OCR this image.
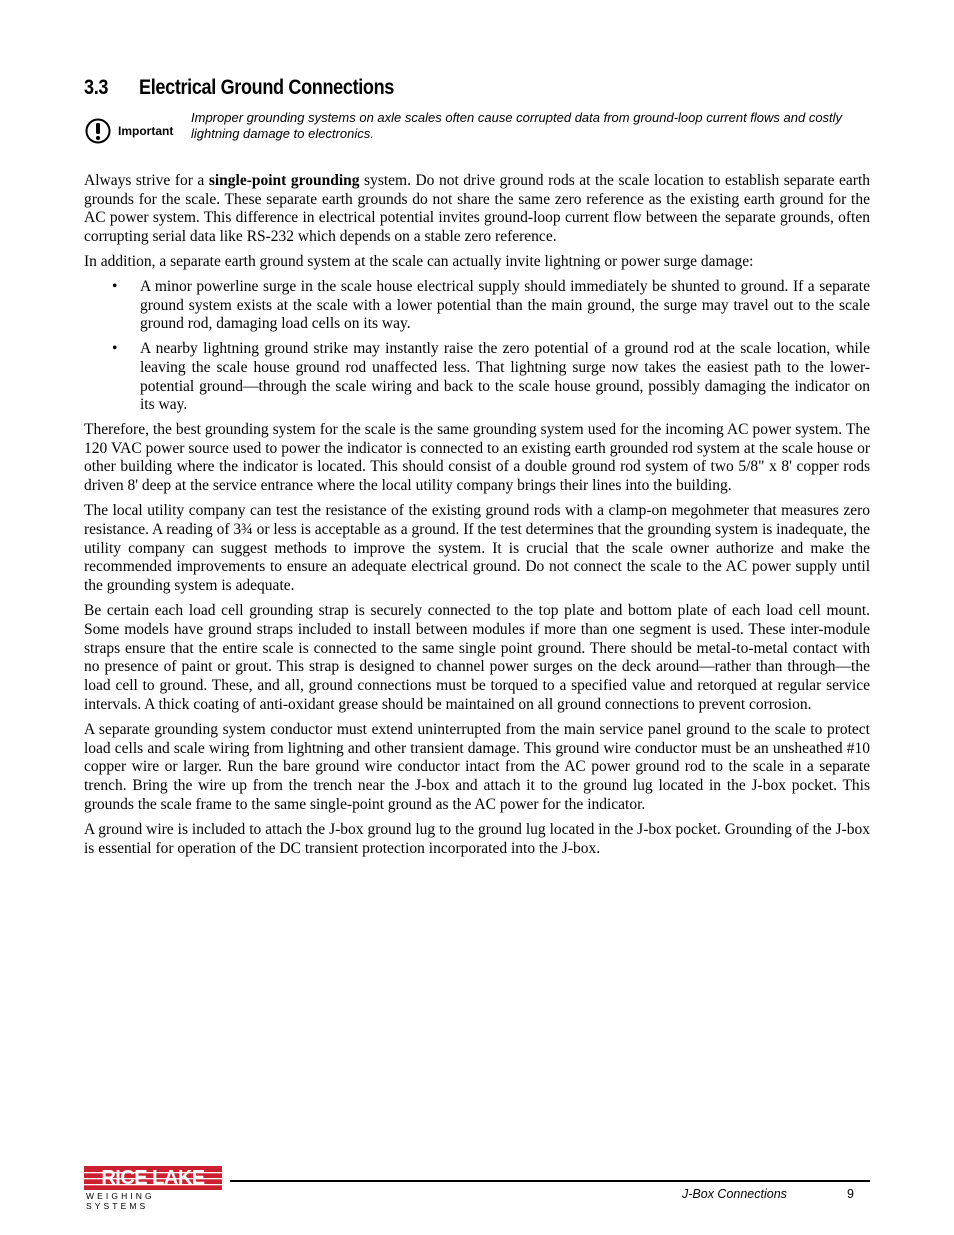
3.3 Electrical Ground Connections
Important
Improper grounding systems on axle scales often cause corrupted data from ground-loop current flows and costly lightning damage to electronics.

Always strive for a single-point grounding system. Do not drive ground rods at the scale location to establish separate earth grounds for the scale. These separate earth grounds do not share the same zero reference as the existing earth ground for the AC power system. This difference in electrical potential invites ground-loop current flow between the separate grounds, often corrupting serial data like RS-232 which depends on a stable zero reference.

In addition, a separate earth ground system at the scale can actually invite lightning or power surge damage:

• A minor powerline surge in the scale house electrical supply should immediately be shunted to ground. If a separate ground system exists at the scale with a lower potential than the main ground, the surge may travel out to the scale ground rod, damaging load cells on its way.
• A nearby lightning ground strike may instantly raise the zero potential of a ground rod at the scale location, while leaving the scale house ground rod unaffected less. That lightning surge now takes the easiest path to the lower-potential ground—through the scale wiring and back to the scale house ground, possibly damaging the indicator on its way.

Therefore, the best grounding system for the scale is the same grounding system used for the incoming AC power system. The 120 VAC power source used to power the indicator is connected to an existing earth grounded rod system at the scale house or other building where the indicator is located. This should consist of a double ground rod system of two 5/8" x 8' copper rods driven 8' deep at the service entrance where the local utility company brings their lines into the building.

The local utility company can test the resistance of the existing ground rods with a clamp-on megohmeter that measures zero resistance. A reading of 3¾ or less is acceptable as a ground. If the test determines that the grounding system is inadequate, the utility company can suggest methods to improve the system. It is crucial that the scale owner authorize and make the recommended improvements to ensure an adequate electrical ground. Do not connect the scale to the AC power supply until the grounding system is adequate.

Be certain each load cell grounding strap is securely connected to the top plate and bottom plate of each load cell mount. Some models have ground straps included to install between modules if more than one segment is used. These inter-module straps ensure that the entire scale is connected to the same single point ground. There should be metal-to-metal contact with no presence of paint or grout. This strap is designed to channel power surges on the deck around—rather than through—the load cell to ground. These, and all, ground connections must be torqued to a specified value and retorqued at regular service intervals. A thick coating of anti-oxidant grease should be maintained on all ground connections to prevent corrosion.

A separate grounding system conductor must extend uninterrupted from the main service panel ground to the scale to protect load cells and scale wiring from lightning and other transient damage. This ground wire conductor must be an unsheathed #10 copper wire or larger. Run the bare ground wire conductor intact from the AC power ground rod to the scale in a separate trench. Bring the wire up from the trench near the J-box and attach it to the ground lug located in the J-box pocket. This grounds the scale frame to the same single-point ground as the AC power for the indicator.

A ground wire is included to attach the J-box ground lug to the ground lug located in the J-box pocket. Grounding of the J-box is essential for operation of the DC transient protection incorporated into the J-box.

RICE LAKE
WEIGHING SYSTEMS
J-Box Connections	9
